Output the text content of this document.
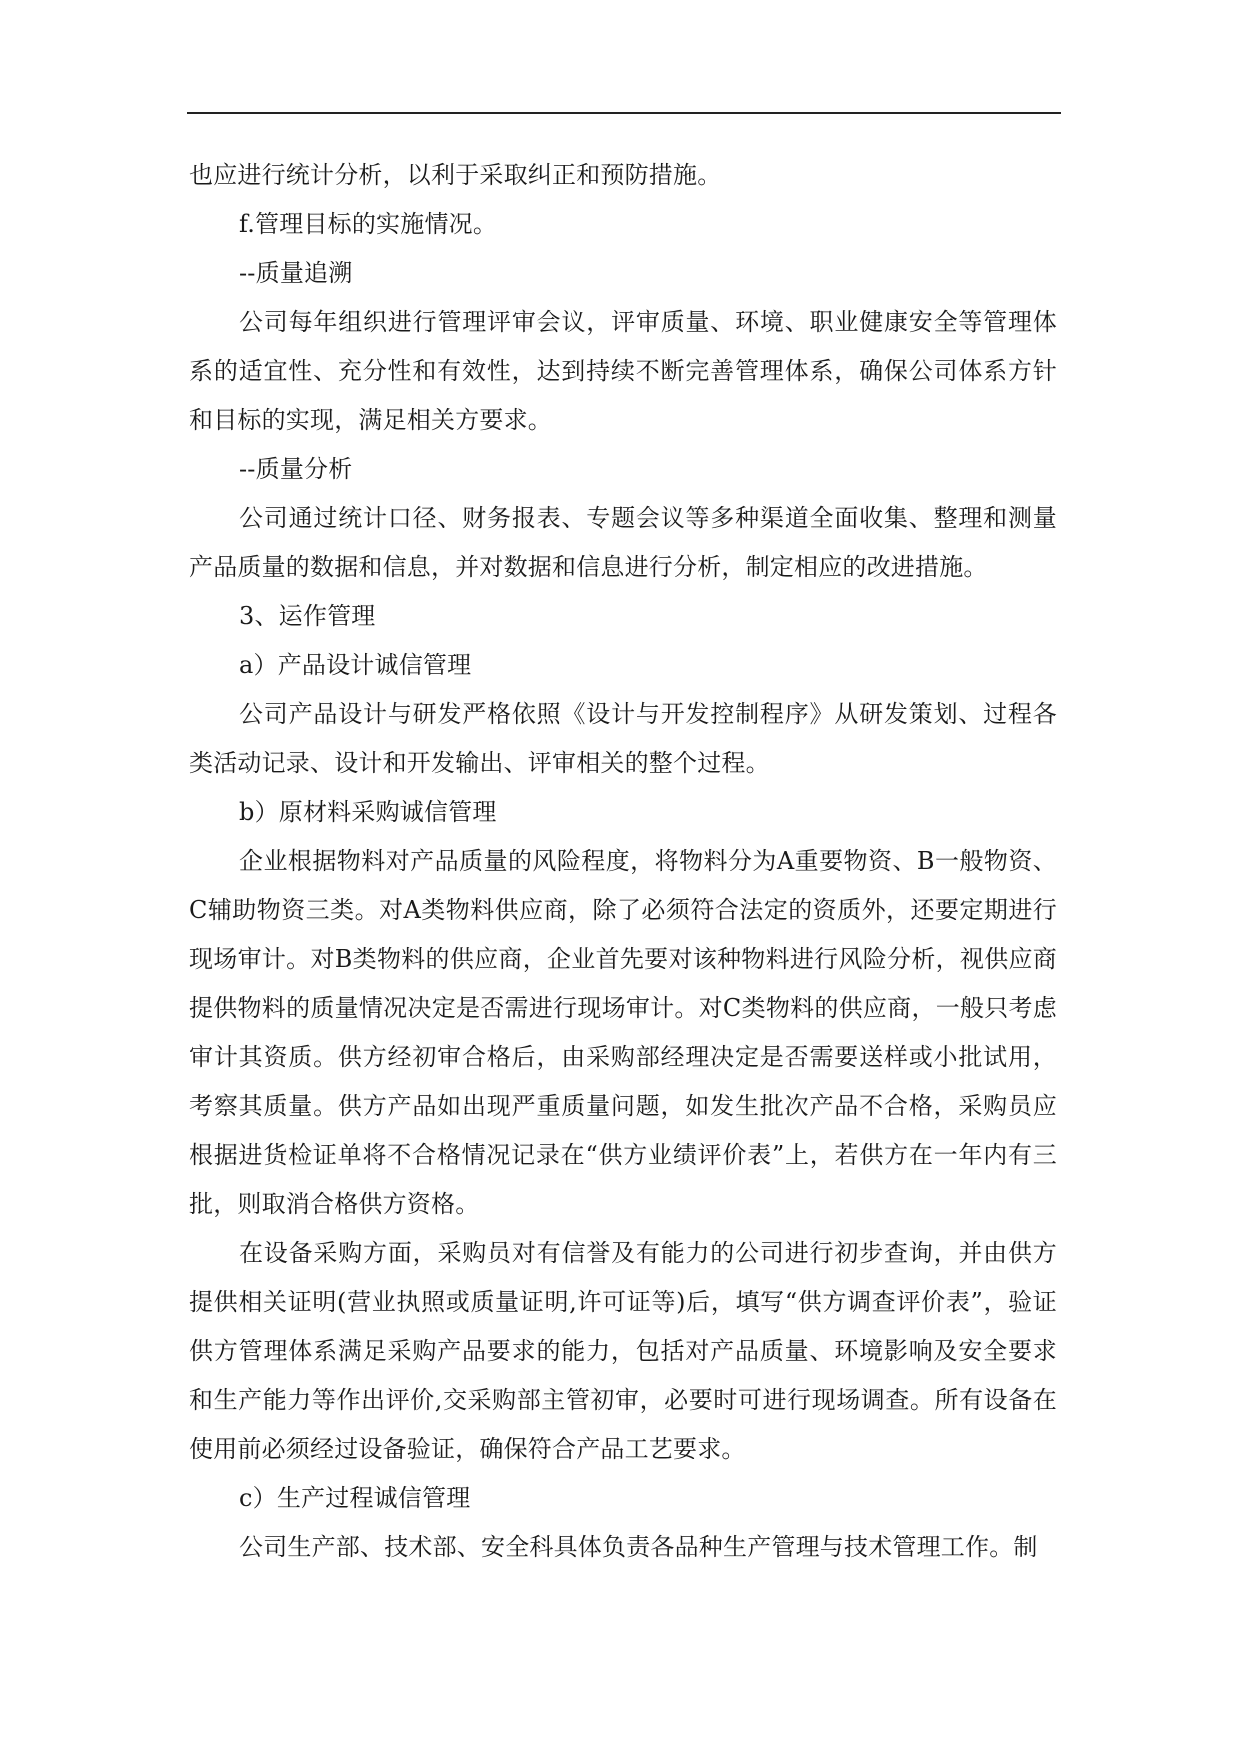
也应进行统计分析，以利于采取纠正和预防措施。

f.管理目标的实施情况。

--质量追溯

公司每年组织进行管理评审会议，评审质量、环境、职业健康安全等管理体系的适宜性、充分性和有效性，达到持续不断完善管理体系，确保公司体系方针和目标的实现，满足相关方要求。

--质量分析

公司通过统计口径、财务报表、专题会议等多种渠道全面收集、整理和测量产品质量的数据和信息，并对数据和信息进行分析，制定相应的改进措施。

3、运作管理

a）产品设计诚信管理

公司产品设计与研发严格依照《设计与开发控制程序》从研发策划、过程各类活动记录、设计和开发输出、评审相关的整个过程。

b）原材料采购诚信管理

企业根据物料对产品质量的风险程度，将物料分为A重要物资、B一般物资、C辅助物资三类。对A类物料供应商，除了必须符合法定的资质外，还要定期进行现场审计。对B类物料的供应商，企业首先要对该种物料进行风险分析，视供应商提供物料的质量情况决定是否需进行现场审计。对C类物料的供应商，一般只考虑审计其资质。供方经初审合格后，由采购部经理决定是否需要送样或小批试用，考察其质量。供方产品如出现严重质量问题，如发生批次产品不合格，采购员应根据进货检证单将不合格情况记录在“供方业绩评价表”上，若供方在一年内有三批，则取消合格供方资格。

在设备采购方面，采购员对有信誉及有能力的公司进行初步查询，并由供方提供相关证明(营业执照或质量证明,许可证等)后，填写“供方调查评价表”，验证供方管理体系满足采购产品要求的能力，包括对产品质量、环境影响及安全要求和生产能力等作出评价,交采购部主管初审，必要时可进行现场调查。所有设备在使用前必须经过设备验证，确保符合产品工艺要求。

c）生产过程诚信管理

公司生产部、技术部、安全科具体负责各品种生产管理与技术管理工作。制
